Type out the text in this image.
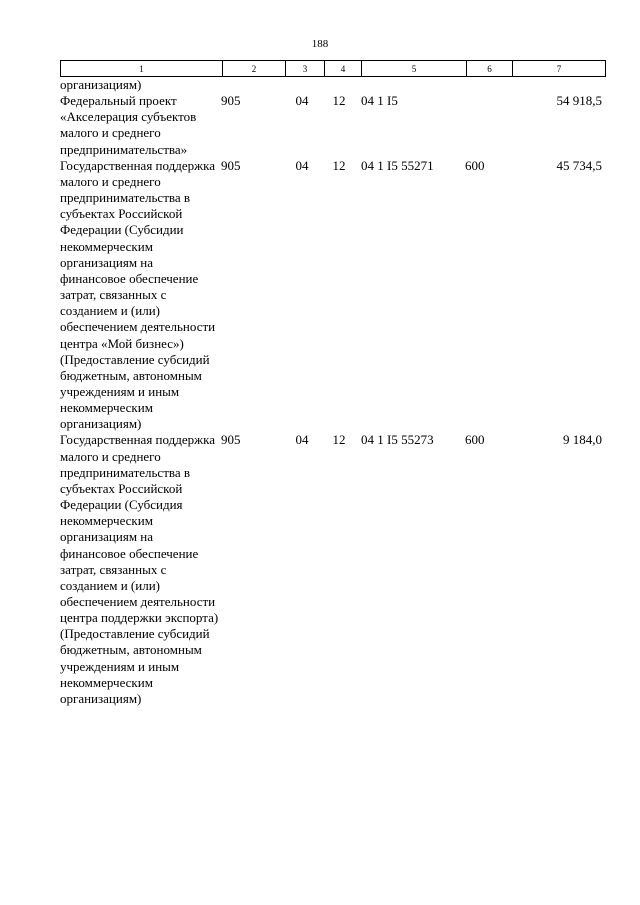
188
1	2	3	4	5	6	7
организациям)						
Федеральный проект «Акселерация субъектов малого и среднего предпринимательства»	905	04	12	04 1 I5		54 918,5
Государственная поддержка малого и среднего предпринимательства в субъектах Российской Федерации (Субсидии некоммерческим организациям на финансовое обеспечение затрат, связанных с созданием и (или) обеспечением деятельности центра «Мой бизнес») (Предоставление субсидий бюджетным, автономным учреждениям и иным некоммерческим организациям)	905	04	12	04 1 I5 55271	600	45 734,5
Государственная поддержка малого и среднего предпринимательства в субъектах Российской Федерации (Субсидия некоммерческим организациям на финансовое обеспечение затрат, связанных с созданием и (или) обеспечением деятельности центра поддержки экспорта) (Предоставление субсидий бюджетным, автономным учреждениям и иным некоммерческим организациям)	905	04	12	04 1 I5 55273	600	9 184,0
